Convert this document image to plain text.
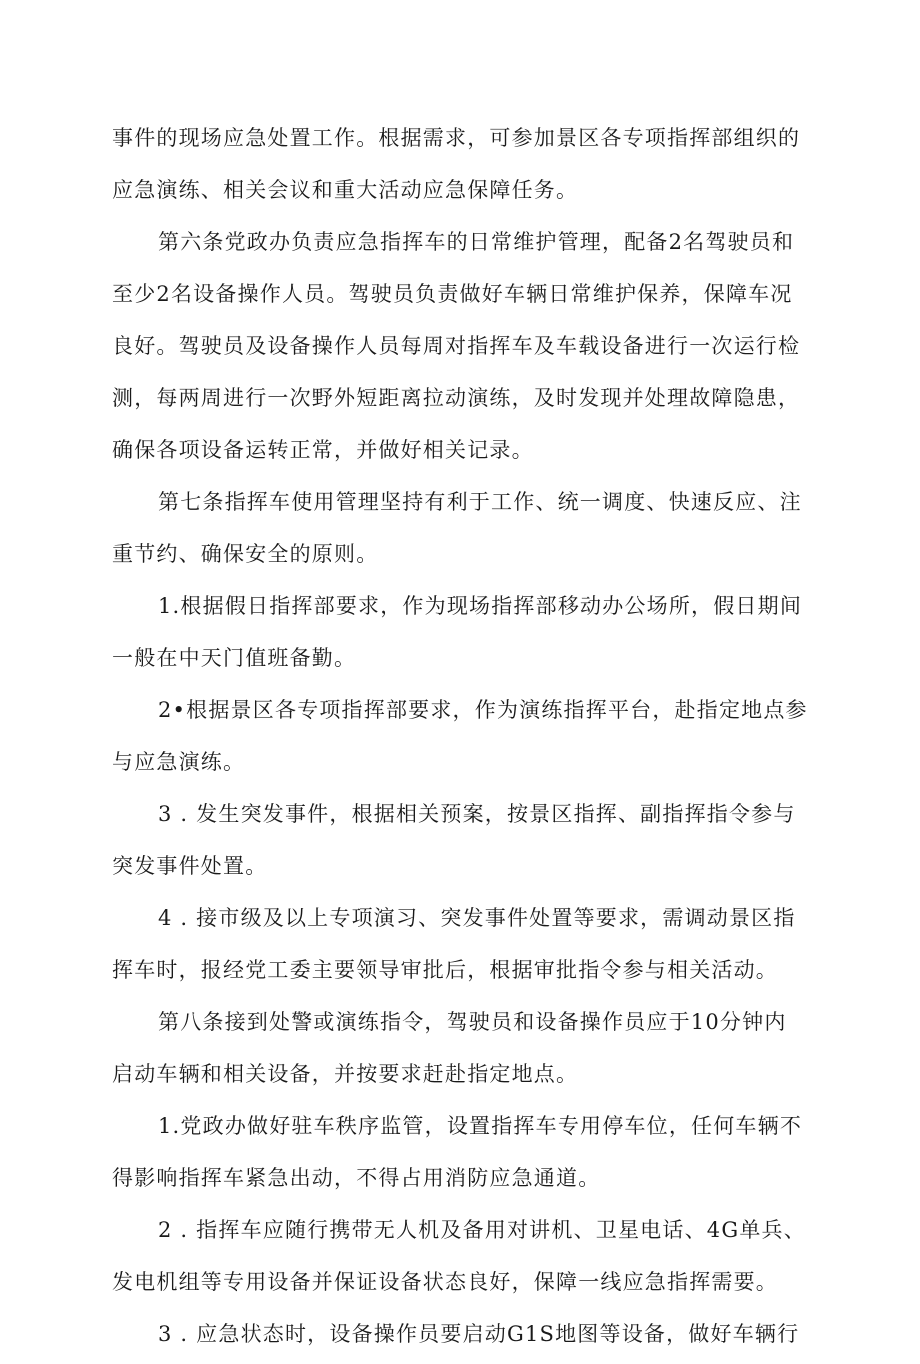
事件的现场应急处置工作。根据需求，可参加景区各专项指挥部组织的
应急演练、相关会议和重大活动应急保障任务。
第六条党政办负责应急指挥车的日常维护管理，配备2名驾驶员和
至少2名设备操作人员。驾驶员负责做好车辆日常维护保养，保障车况
良好。驾驶员及设备操作人员每周对指挥车及车载设备进行一次运行检
测，每两周进行一次野外短距离拉动演练，及时发现并处理故障隐患，
确保各项设备运转正常，并做好相关记录。
第七条指挥车使用管理坚持有利于工作、统一调度、快速反应、注
重节约、确保安全的原则。
1.根据假日指挥部要求，作为现场指挥部移动办公场所，假日期间
一般在中天门值班备勤。
2•根据景区各专项指挥部要求，作为演练指挥平台，赴指定地点参
与应急演练。
3 . 发生突发事件，根据相关预案，按景区指挥、副指挥指令参与
突发事件处置。
4 . 接市级及以上专项演习、突发事件处置等要求，需调动景区指
挥车时，报经党工委主要领导审批后，根据审批指令参与相关活动。
第八条接到处警或演练指令，驾驶员和设备操作员应于10分钟内
启动车辆和相关设备，并按要求赶赴指定地点。
1.党政办做好驻车秩序监管，设置指挥车专用停车位，任何车辆不
得影响指挥车紧急出动，不得占用消防应急通道。
2 . 指挥车应随行携带无人机及备用对讲机、卫星电话、4G单兵、
发电机组等专用设备并保证设备状态良好，保障一线应急指挥需要。
3 . 应急状态时，设备操作员要启动G1S地图等设备，做好车辆行
